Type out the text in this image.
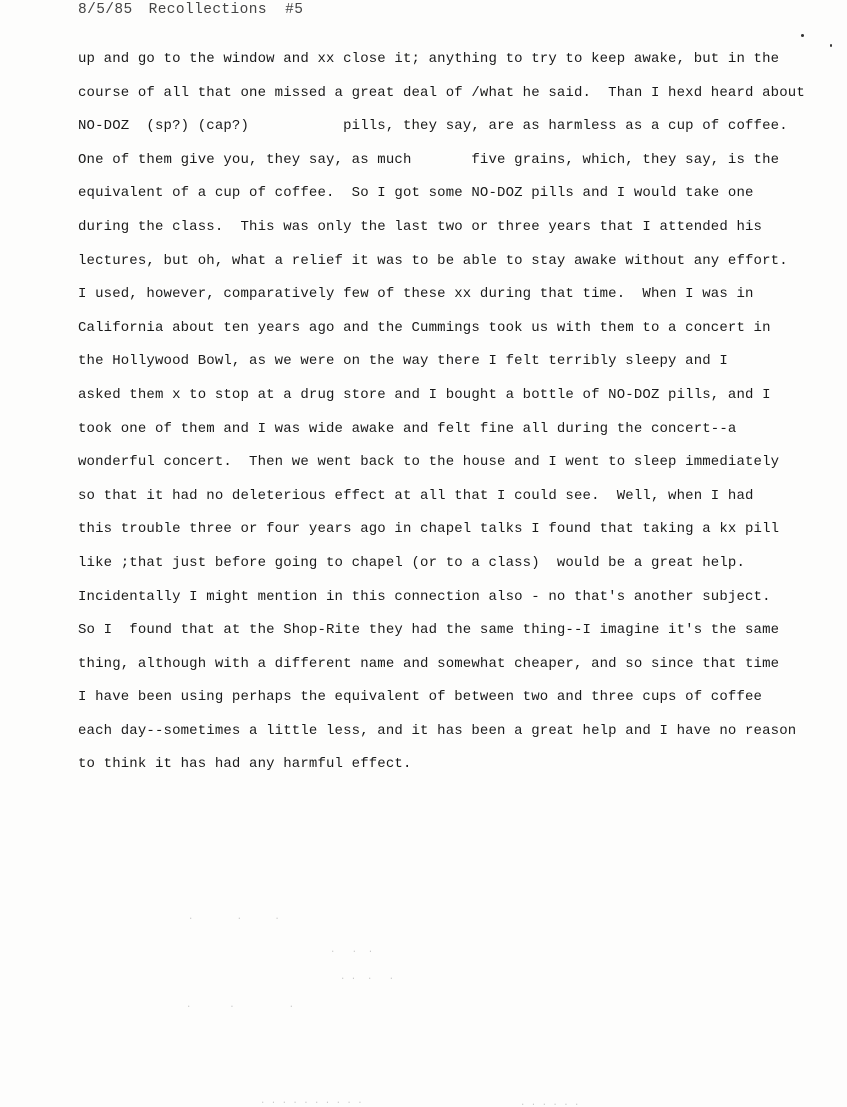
8/5/85 Recollections #5
up and go to the window and xx close it; anything to try to keep awake, but in the
course of all that one missed a great deal of /what he said.  Than I hexd heard about
NO-DOZ  (sp?) (cap?)           pills, they say, are as harmless as a cup of coffee.
One of them give you, they say, as much       five grains, which, they say, is the
equivalent of a cup of coffee.  So I got some NO-DOZ pills and I would take one
during the class.  This was only the last two or three years that I attended his
lectures, but oh, what a relief it was to be able to stay awake without any effort.
I used, however, comparatively few of these xx during that time.  When I was in
California about ten years ago and the Cummings took us with them to a concert in
the Hollywood Bowl, as we were on the way there I felt terribly sleepy and I
asked them x to stop at a drug store and I bought a bottle of NO-DOZ pills, and I
took one of them and I was wide awake and felt fine all during the concert--a
wonderful concert.  Then we went back to the house and I went to sleep immediately
so that it had no deleterious effect at all that I could see.  Well, when I had
this trouble three or four years ago in chapel talks I found that taking a kx pill
like ;that just before going to chapel (or to a class)  would be a great help.
Incidentally I might mention in this connection also - no that's another subject.
So I  found that at the Shop-Rite they had the same thing--I imagine it's the same
thing, although with a different name and somewhat cheaper, and so since that time
I have been using perhaps the equivalent of between two and three cups of coffee
each day--sometimes a little less, and it has been a great help and I have no reason
to think it has had any harmful effect.
.        .      .
.   .  .
. .  .   .
.       .          .
. . . . . . . . . .	. . . . . .
